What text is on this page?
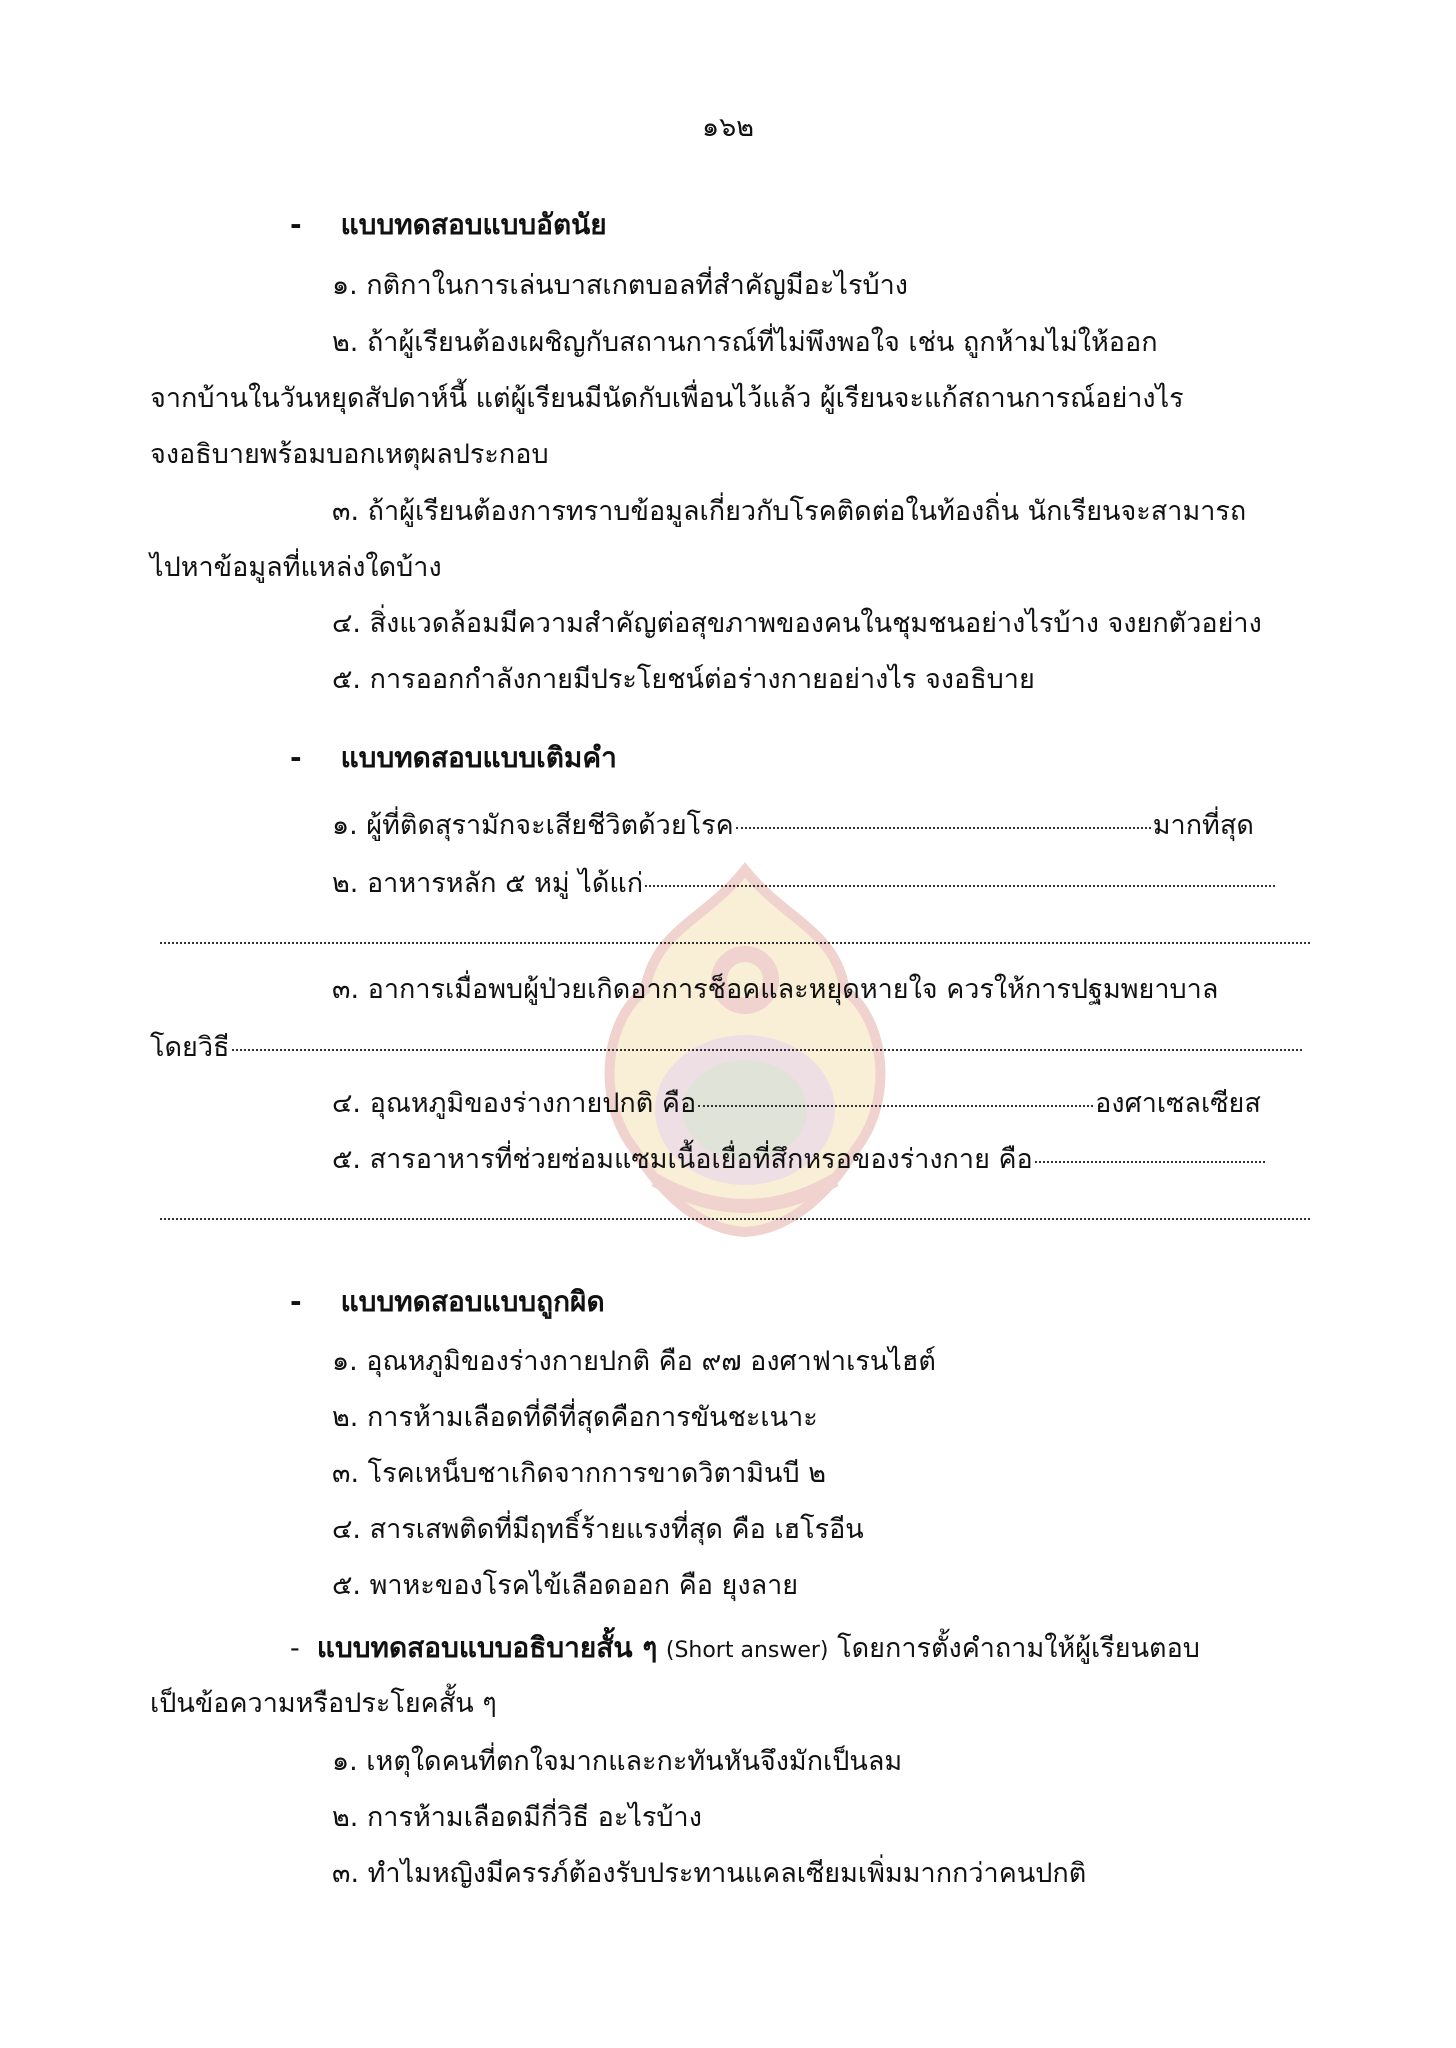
๑๖๒
- แบบทดสอบแบบอัตนัย
๑. กติกาในการเล่นบาสเกตบอลที่สำคัญมีอะไรบ้าง
๒. ถ้าผู้เรียนต้องเผชิญกับสถานการณ์ที่ไม่พึงพอใจ เช่น ถูกห้ามไม่ให้ออก
จากบ้านในวันหยุดสัปดาห์นี้ แต่ผู้เรียนมีนัดกับเพื่อนไว้แล้ว ผู้เรียนจะแก้สถานการณ์อย่างไร
จงอธิบายพร้อมบอกเหตุผลประกอบ
๓. ถ้าผู้เรียนต้องการทราบข้อมูลเกี่ยวกับโรคติดต่อในท้องถิ่น นักเรียนจะสามารถ
ไปหาข้อมูลที่แหล่งใดบ้าง
๔. สิ่งแวดล้อมมีความสำคัญต่อสุขภาพของคนในชุมชนอย่างไรบ้าง จงยกตัวอย่าง
๕. การออกกำลังกายมีประโยชน์ต่อร่างกายอย่างไร จงอธิบาย
- แบบทดสอบแบบเติมคำ
๑. ผู้ที่ติดสุรามักจะเสียชีวิตด้วยโรค	มากที่สุด
๒. อาหารหลัก ๕ หมู่ ได้แก่
๓. อาการเมื่อพบผู้ป่วยเกิดอาการช็อคและหยุดหายใจ ควรให้การปฐมพยาบาล
โดยวิธี
๔. อุณหภูมิของร่างกายปกติ คือ	องศาเซลเซียส
๕. สารอาหารที่ช่วยซ่อมแซมเนื้อเยื่อที่สึกหรอของร่างกาย คือ
- แบบทดสอบแบบถูกผิด
๑. อุณหภูมิของร่างกายปกติ คือ ๙๗ องศาฟาเรนไฮต์
๒. การห้ามเลือดที่ดีที่สุดคือการขันชะเนาะ
๓. โรคเหน็บชาเกิดจากการขาดวิตามินบี ๒
๔. สารเสพติดที่มีฤทธิ์ร้ายแรงที่สุด คือ เฮโรอีน
๕. พาหะของโรคไข้เลือดออก คือ ยุงลาย
- แบบทดสอบแบบอธิบายสั้น ๆ (Short answer) โดยการตั้งคำถามให้ผู้เรียนตอบ
เป็นข้อความหรือประโยคสั้น ๆ
๑. เหตุใดคนที่ตกใจมากและกะทันหันจึงมักเป็นลม
๒. การห้ามเลือดมีกี่วิธี อะไรบ้าง
๓. ทำไมหญิงมีครรภ์ต้องรับประทานแคลเซียมเพิ่มมากกว่าคนปกติ
